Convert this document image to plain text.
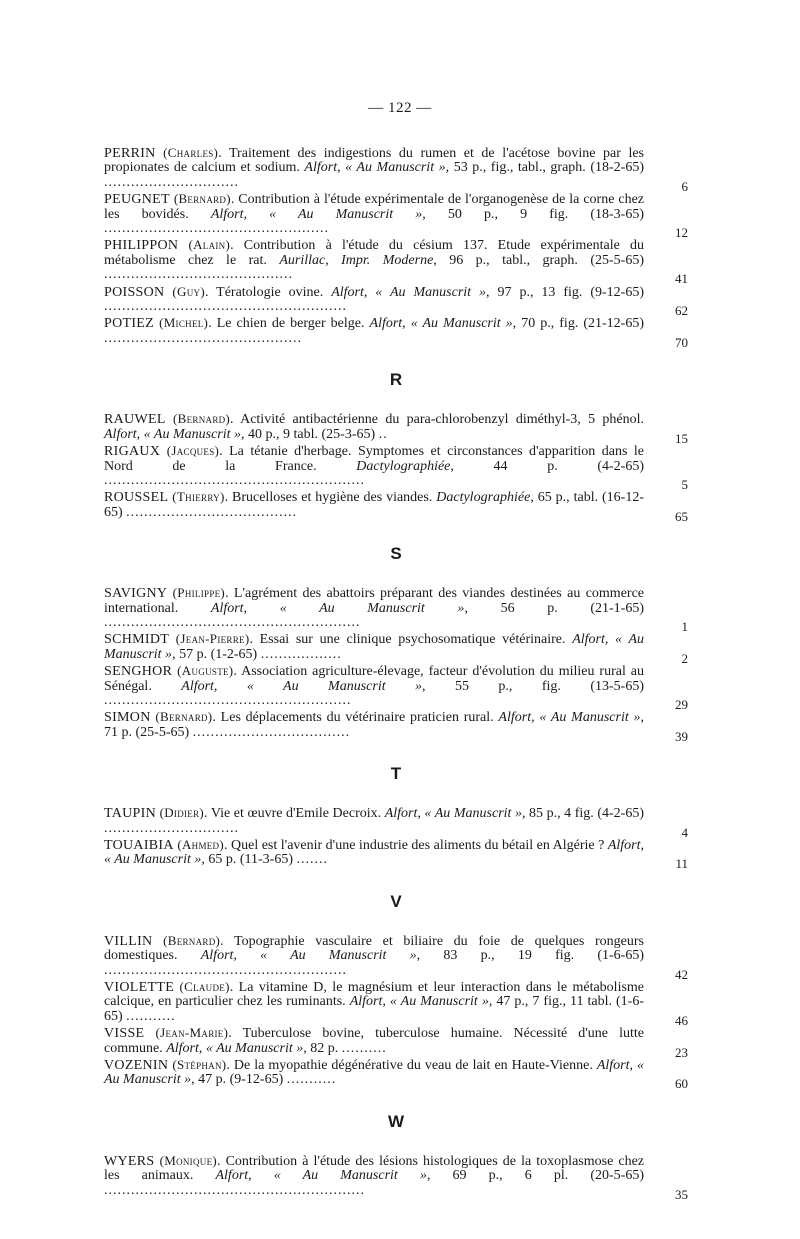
— 122 —
PERRIN (Charles). Traitement des indigestions du rumen et de l'acétose bovine par les propionates de calcium et sodium. Alfort, « Au Manuscrit », 53 p., fig., tabl., graph. (18-2-65) ..............................	6
PEUGNET (Bernard). Contribution à l'étude expérimentale de l'organogenèse de la corne chez les bovidés. Alfort, « Au Manuscrit », 50 p., 9 fig. (18-3-65) ..................................................	12
PHILIPPON (Alain). Contribution à l'étude du césium 137. Etude expérimentale du métabolisme chez le rat. Aurillac, Impr. Moderne, 96 p., tabl., graph. (25-5-65) ..........................................	41
POISSON (Guy). Tératologie ovine. Alfort, « Au Manuscrit », 97 p., 13 fig. (9-12-65) ......................................................	62
POTIEZ (Michel). Le chien de berger belge. Alfort, « Au Manuscrit », 70 p., fig. (21-12-65) ............................................	70
R
RAUWEL (Bernard). Activité antibactérienne du para-chlorobenzyl diméthyl-3, 5 phénol. Alfort, « Au Manuscrit », 40 p., 9 tabl. (25-3-65) ..	15
RIGAUX (Jacques). La tétanie d'herbage. Symptomes et circonstances d'apparition dans le Nord de la France. Dactylographiée, 44 p. (4-2-65) ..........................................................	5
ROUSSEL (Thierry). Brucelloses et hygiène des viandes. Dactylographiée, 65 p., tabl. (16-12-65) ......................................	65
S
SAVIGNY (Philippe). L'agrément des abattoirs préparant des viandes destinées au commerce international. Alfort, « Au Manuscrit », 56 p. (21-1-65) .........................................................	1
SCHMIDT (Jean-Pierre). Essai sur une clinique psychosomatique vétérinaire. Alfort, « Au Manuscrit », 57 p. (1-2-65) ..................	2
SENGHOR (Auguste). Association agriculture-élevage, facteur d'évolution du milieu rural au Sénégal. Alfort, « Au Manuscrit », 55 p., fig. (13-5-65) .......................................................	29
SIMON (Bernard). Les déplacements du vétérinaire praticien rural. Alfort, « Au Manuscrit », 71 p. (25-5-65) ...................................	39
T
TAUPIN (Didier). Vie et œuvre d'Emile Decroix. Alfort, « Au Manuscrit », 85 p., 4 fig. (4-2-65) ..............................	4
TOUAIBIA (Ahmed). Quel est l'avenir d'une industrie des aliments du bétail en Algérie ? Alfort, « Au Manuscrit », 65 p. (11-3-65) .......	11
V
VILLIN (Bernard). Topographie vasculaire et biliaire du foie de quelques rongeurs domestiques. Alfort, « Au Manuscrit », 83 p., 19 fig. (1-6-65) ......................................................	42
VIOLETTE (Claude). La vitamine D, le magnésium et leur interaction dans le métabolisme calcique, en particulier chez les ruminants. Alfort, « Au Manuscrit », 47 p., 7 fig., 11 tabl. (1-6-65) ...........	46
VISSE (Jean-Marie). Tuberculose bovine, tuberculose humaine. Nécessité d'une lutte commune. Alfort, « Au Manuscrit », 82 p. ..........	23
VOZENIN (Stéphan). De la myopathie dégénérative du veau de lait en Haute-Vienne. Alfort, « Au Manuscrit », 47 p. (9-12-65) ...........	60
W
WYERS (Monique). Contribution à l'étude des lésions histologiques de la toxoplasmose chez les animaux. Alfort, « Au Manuscrit », 69 p., 6 pl. (20-5-65) ..........................................................	35
